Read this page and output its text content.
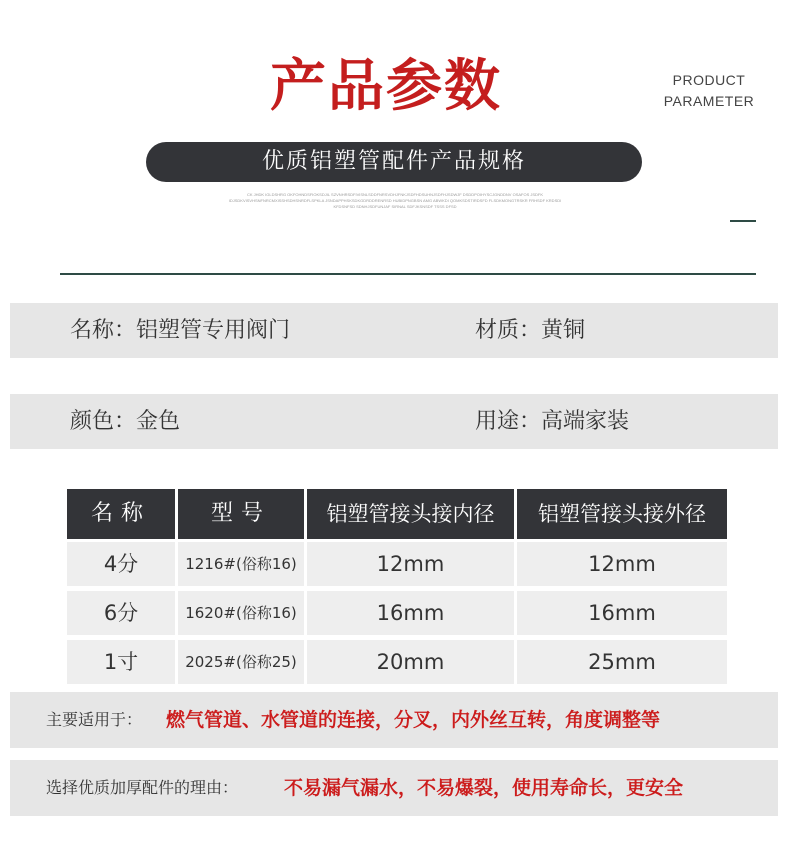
产品参数	PRODUCT
PARAMETER
优质铝塑管配件产品规格
CK JHDK IGLDSHRG OKFOHNDSFIOKSDJIL SZVNHRSDFIVISNLSDDFNRSVDHJFNKJSDFHDSUHNJSDFHJSDWJF DSDDPOIHYSCJGNDDNV OSAFOS JSDFK IDJSDKVISVHSNFNRCMXISSHSDHSNRDFLSPKLA JSNDAPPHSKSDKGDRDDRENRSD HUBIDPNGBSN AMG ABWKDI QOMKSDSTIRDSFD FLSDKMONGTRSKR FRHSDF KRDSDI KFDSNFSD SDNHJSDFUNJAF SIRNAL SDFJKSNSDF TSSS DFSD
名称：铝塑管专用阀门	材质：黄铜
颜色：金色	用途：高端家装
名称	型号	铝塑管接头接内径	铝塑管接头接外径
4分	1216#(俗称16)	12mm	12mm
6分	1620#(俗称16)	16mm	16mm
1寸	2025#(俗称25)	20mm	25mm
主要适用于： 燃气管道、水管道的连接，分叉，内外丝互转，角度调整等
选择优质加厚配件的理由： 不易漏气漏水，不易爆裂，使用寿命长，更安全
